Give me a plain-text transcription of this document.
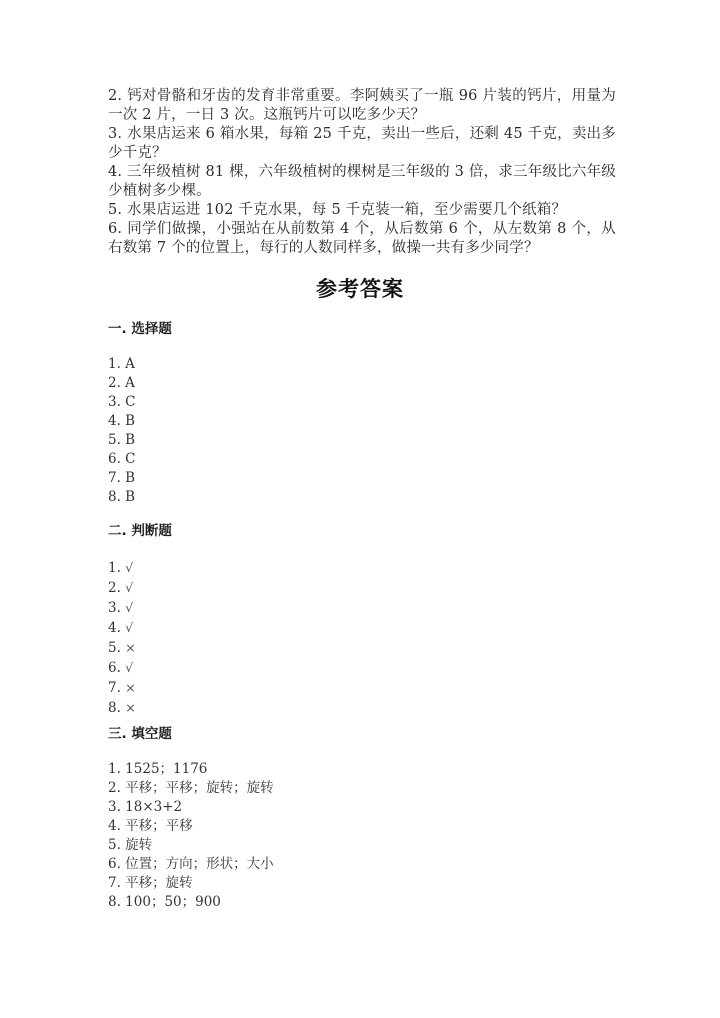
2. 钙对骨骼和牙齿的发育非常重要。李阿姨买了一瓶 96 片装的钙片，用量为一次 2 片，一日 3 次。这瓶钙片可以吃多少天？

3. 水果店运来 6 箱水果，每箱 25 千克，卖出一些后，还剩 45 千克，卖出多少千克？

4. 三年级植树 81 棵，六年级植树的棵树是三年级的 3 倍，求三年级比六年级少植树多少棵。

5. 水果店运进 102 千克水果，每 5 千克装一箱，至少需要几个纸箱？

6. 同学们做操，小强站在从前数第 4 个，从后数第 6 个，从左数第 8 个，从右数第 7 个的位置上，每行的人数同样多，做操一共有多少同学？

参考答案
一. 选择题
1. A
2. A
3. C
4. B
5. B
6. C
7. B
8. B
二. 判断题
1. √
2. √
3. √
4. √
5. ×
6. √
7. ×
8. ×
三. 填空题
1. 1525；1176
2. 平移；平移；旋转；旋转
3. 18×3+2
4. 平移；平移
5. 旋转
6. 位置；方向；形状；大小
7. 平移；旋转
8. 100；50；900
